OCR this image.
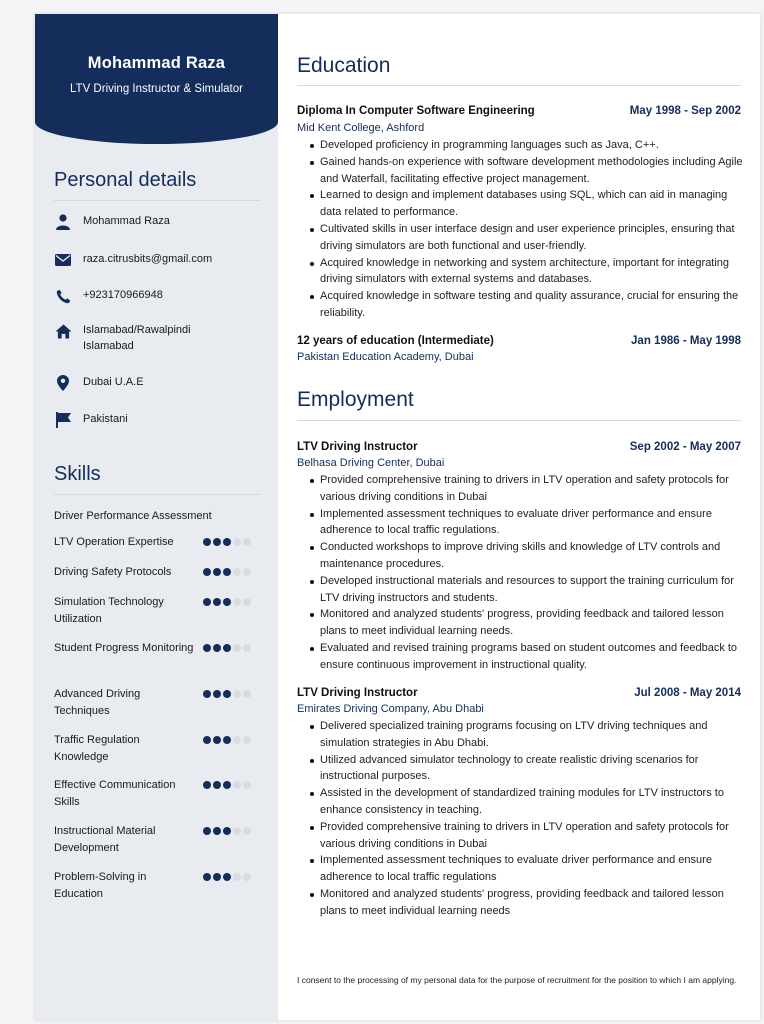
Mohammad Raza
LTV Driving Instructor & Simulator
Personal details
Mohammad Raza
raza.citrusbits@gmail.com
+923170966948
Islamabad/Rawalpindi Islamabad
Dubai U.A.E
Pakistani
Skills
Driver Performance Assessment
LTV Operation Expertise
Driving Safety Protocols
Simulation Technology Utilization
Student Progress Monitoring
Advanced Driving Techniques
Traffic Regulation Knowledge
Effective Communication Skills
Instructional Material Development
Problem-Solving in Education
Education
Diploma In Computer Software Engineering	May 1998 - Sep 2002
Mid Kent College, Ashford
Developed proficiency in programming languages such as Java, C++.
Gained hands-on experience with software development methodologies including Agile and Waterfall, facilitating effective project management.
Learned to design and implement databases using SQL, which can aid in managing data related to performance.
Cultivated skills in user interface design and user experience principles, ensuring that driving simulators are both functional and user-friendly.
Acquired knowledge in networking and system architecture, important for integrating driving simulators with external systems and databases.
Acquired knowledge in software testing and quality assurance, crucial for ensuring the reliability.
12 years of education (Intermediate)	Jan 1986 - May 1998
Pakistan Education Academy, Dubai
Employment
LTV Driving Instructor	Sep 2002 - May 2007
Belhasa Driving Center, Dubai
Provided comprehensive training to drivers in LTV operation and safety protocols for various driving conditions in Dubai
Implemented assessment techniques to evaluate driver performance and ensure adherence to local traffic regulations.
Conducted workshops to improve driving skills and knowledge of LTV controls and maintenance procedures.
Developed instructional materials and resources to support the training curriculum for LTV driving instructors and students.
Monitored and analyzed students' progress, providing feedback and tailored lesson plans to meet individual learning needs.
Evaluated and revised training programs based on student outcomes and feedback to ensure continuous improvement in instructional quality.
LTV Driving Instructor	Jul 2008 - May 2014
Emirates Driving Company, Abu Dhabi
Delivered specialized training programs focusing on LTV driving techniques and simulation strategies in Abu Dhabi.
Utilized advanced simulator technology to create realistic driving scenarios for instructional purposes.
Assisted in the development of standardized training modules for LTV instructors to enhance consistency in teaching.
Provided comprehensive training to drivers in LTV operation and safety protocols for various driving conditions in Dubai
Implemented assessment techniques to evaluate driver performance and ensure adherence to local traffic regulations
Monitored and analyzed students' progress, providing feedback and tailored lesson plans to meet individual learning needs
I consent to the processing of my personal data for the purpose of recruitment for the position to which I am applying.
